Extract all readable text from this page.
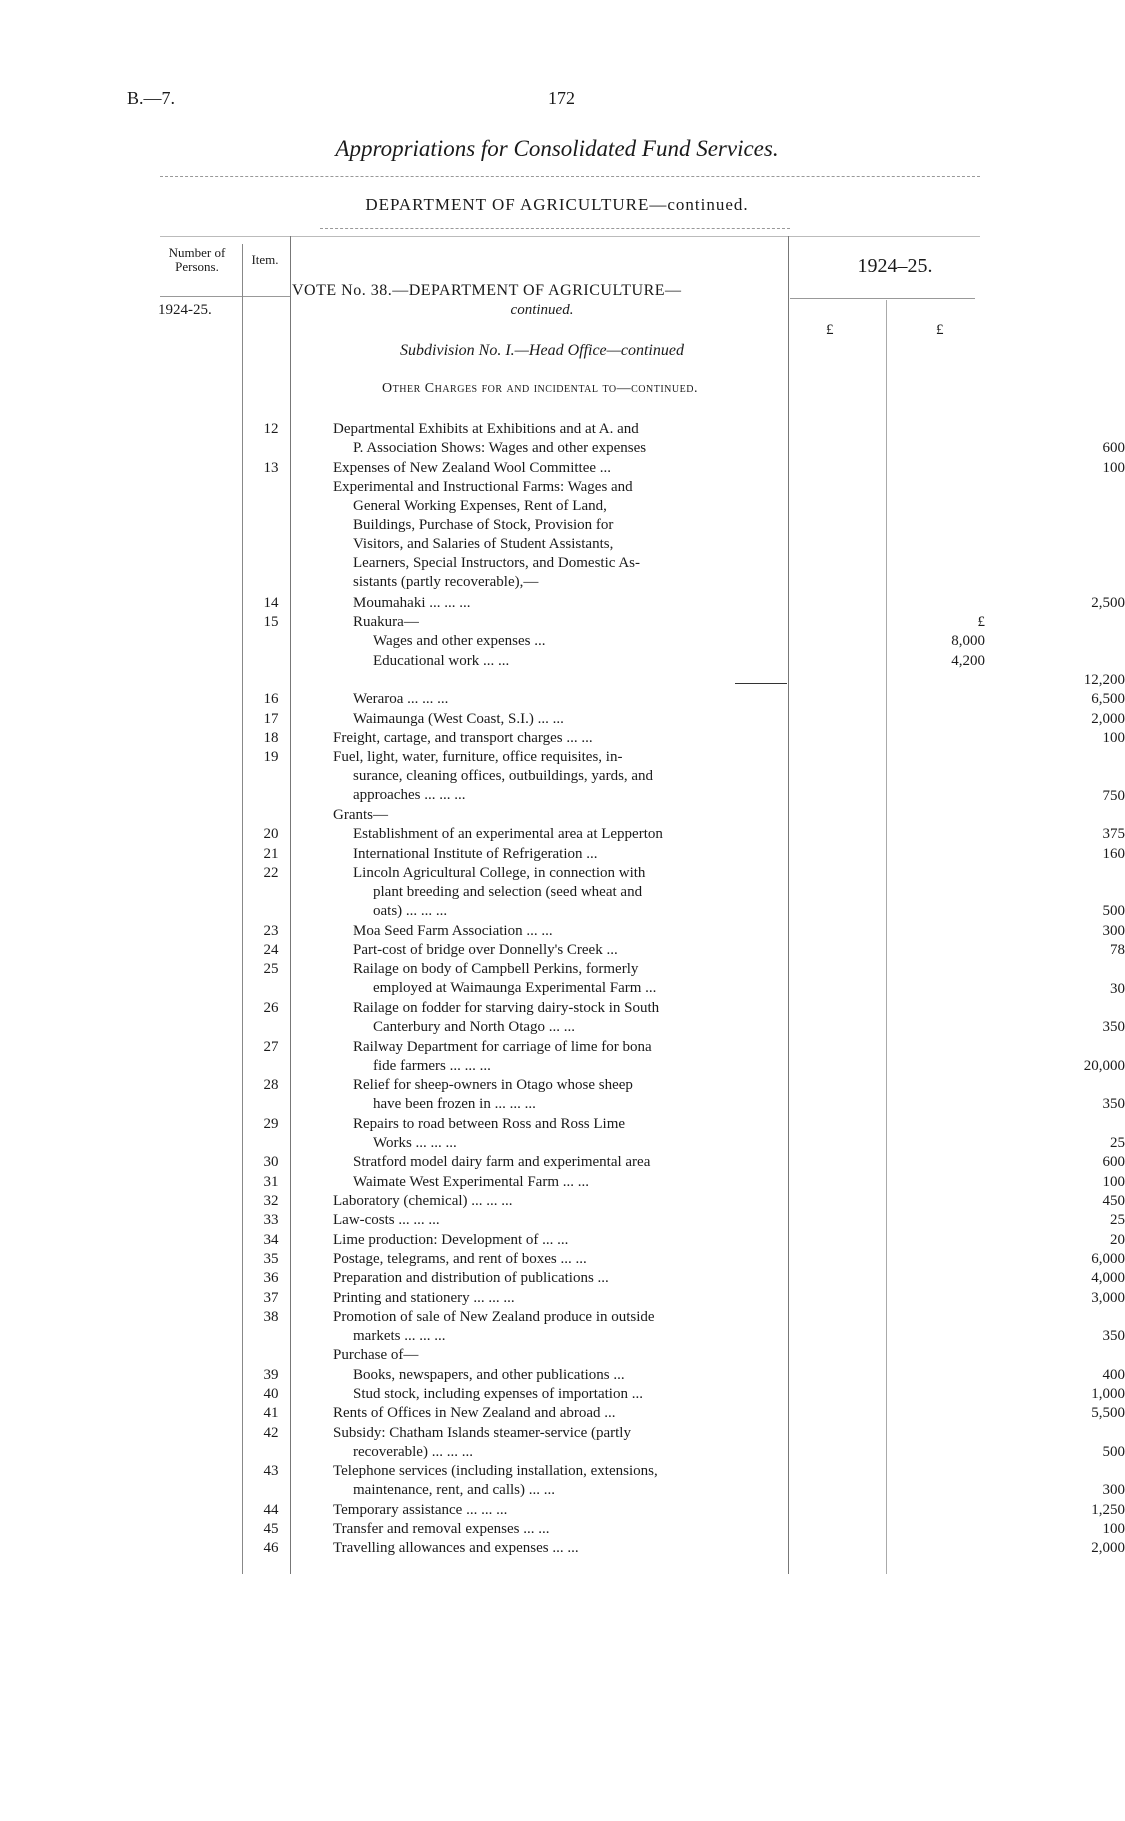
B.—7.	172
Appropriations for Consolidated Fund Services.
DEPARTMENT OF AGRICULTURE—continued.
Number of Persons.	Item.
1924-25.
1924–25.
£	£
VOTE No. 38.—DEPARTMENT OF AGRICULTURE—
continued.
Subdivision No. I.—Head Office—continued
Other Charges for and incidental to—continued.
12	Departmental Exhibits at Exhibitions and at A. and
P. Association Shows: Wages and other expenses	600
13	Expenses of New Zealand Wool Committee ...	100
Experimental and Instructional Farms: Wages and
General Working Expenses, Rent of Land,
Buildings, Purchase of Stock, Provision for
Visitors, and Salaries of Student Assistants,
Learners, Special Instructors, and Domestic As-
sistants (partly recoverable),—
14	Moumahaki ... ... ...	2,500
15	Ruakura—	£
Wages and other expenses ...	8,000
Educational work ... ...	4,200
12,200
16	Weraroa ... ... ...	6,500
17	Waimaunga (West Coast, S.I.) ... ...	2,000
18	Freight, cartage, and transport charges ... ...	100
19	Fuel, light, water, furniture, office requisites, in-
surance, cleaning offices, outbuildings, yards, and
approaches ... ... ...	750
Grants—
20	Establishment of an experimental area at Lepperton	375
21	International Institute of Refrigeration ...	160
22	Lincoln Agricultural College, in connection with
plant breeding and selection (seed wheat and
oats) ... ... ...	500
23	Moa Seed Farm Association ... ...	300
24	Part-cost of bridge over Donnelly's Creek ...	78
25	Railage on body of Campbell Perkins, formerly
employed at Waimaunga Experimental Farm ...	30
26	Railage on fodder for starving dairy-stock in South
Canterbury and North Otago ... ...	350
27	Railway Department for carriage of lime for bona
fide farmers ... ... ...	20,000
28	Relief for sheep-owners in Otago whose sheep
have been frozen in ... ... ...	350
29	Repairs to road between Ross and Ross Lime
Works ... ... ...	25
30	Stratford model dairy farm and experimental area	600
31	Waimate West Experimental Farm ... ...	100
32	Laboratory (chemical) ... ... ...	450
33	Law-costs ... ... ...	25
34	Lime production: Development of ... ...	20
35	Postage, telegrams, and rent of boxes ... ...	6,000
36	Preparation and distribution of publications ...	4,000
37	Printing and stationery ... ... ...	3,000
38	Promotion of sale of New Zealand produce in outside
markets ... ... ...	350
Purchase of—
39	Books, newspapers, and other publications ...	400
40	Stud stock, including expenses of importation ...	1,000
41	Rents of Offices in New Zealand and abroad ...	5,500
42	Subsidy: Chatham Islands steamer-service (partly
recoverable) ... ... ...	500
43	Telephone services (including installation, extensions,
maintenance, rent, and calls) ... ...	300
44	Temporary assistance ... ... ...	1,250
45	Transfer and removal expenses ... ...	100
46	Travelling allowances and expenses ... ...	2,000
